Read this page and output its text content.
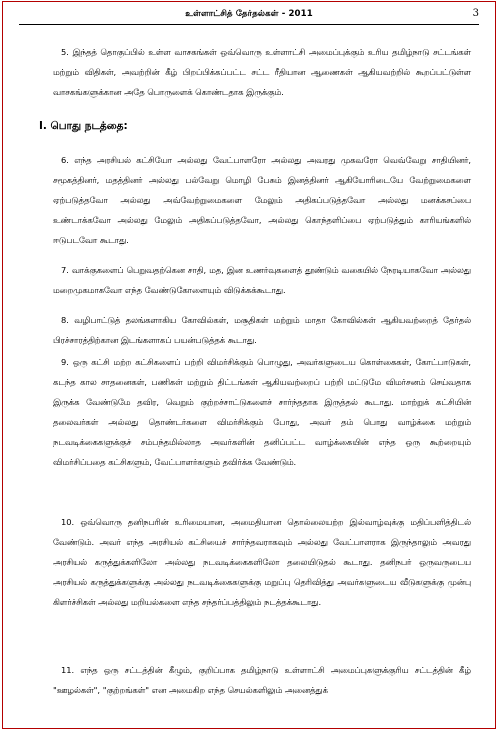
உள்ளாட்சித் தேர்தல்கள் - 2011	3

5. இந்தத் தொகுப்பில் உள்ள வாசகங்கள் ஒவ்வொரு உள்ளாட்சி அமைப்புக்கும் உரிய தமிழ்நாடு சட்டங்கள் மற்றும் விதிகள், அவற்றின் கீழ் பிறப்பிக்கப்பட்ட சட்ட ரீதியான ஆணைகள் ஆகியவற்றில் கூறப்பட்டுள்ள வாசகங்களுக்கான அதே பொருளைக் கொண்டதாக இருக்கும்.

I. பொது நடத்தை:

6. எந்த அரசியல் கட்சியோ அல்லது வேட்பாளரோ அல்லது அவரது முகவரோ வெவ்வேறு சாதியினர், சமூகத்தினர், மதத்தினர் அல்லது பல்வேறு மொழி பேசும் இனத்தினர் ஆகியோரிடையே வேற்றுமைகளை ஏற்படுத்தவோ அல்லது அவ்வேற்றுமைகளை மேலும் அதிகப்படுத்தவோ அல்லது மனக்கசப்பை உண்டாக்கவோ அல்லது மேலும் அதிகப்படுத்தவோ, அல்லது கொந்தளிப்பை ஏற்படுத்தும் காரியங்களில் ஈடுபடவோ கூடாது.

7. வாக்குகளைப் பெறுவதற்கென சாதி, மத, இன உணர்வுகளைத் தூண்டும் வகையில் நேரடியாகவோ அல்லது மறைமுகமாகவோ எந்த வேண்டுகோளையும் விடுக்கக்கூடாது.

8. வழிபாட்டுத் தலங்களாகிய கோவில்கள், மசூதிகள் மற்றும் மாதா கோவில்கள் ஆகியவற்றைத் தேர்தல் பிரச்சாரத்திற்கான இடங்களாகப் பயன்படுத்தக் கூடாது.

9. ஒரு கட்சி மற்ற கட்சிகளைப் பற்றி விமர்சிக்கும் பொழுது, அவர்களுடைய கொள்கைகள், கோட்பாடுகள், கடந்த கால சாதனைகள், பணிகள் மற்றும் திட்டங்கள் ஆகியவற்றைப் பற்றி மட்டுமே விமர்சனம் செய்வதாக இருக்க வேண்டுமே தவிர, வெறும் குற்றச்சாட்டுகளைச் சார்ந்ததாக இருத்தல் கூடாது. மாற்றுக் கட்சியின் தலைவர்கள் அல்லது தொண்டர்களை விமர்சிக்கும் போது, அவர் தம் பொது வாழ்க்கை மற்றும் நடவடிக்கைகளுக்குச் சம்பந்தமில்லாத அவர்களின் தனிப்பட்ட வாழ்க்கையின் எந்த ஒரு கூற்றையும் விமர்சிப்பதை கட்சிகளும், வேட்பாளர்களும் தவிர்க்க வேண்டும்.

10. ஒவ்வொரு தனிநபரின் உரிமையான, அமைதியான தொல்லையற்ற இல்வாழ்வுக்கு மதிப்பளித்திடல் வேண்டும். அவர் எந்த அரசியல் கட்சியைச் சார்ந்தவராகவும் அல்லது வேட்பாளராக இருந்தாலும் அவரது அரசியல் கருத்துக்களிலோ அல்லது நடவடிக்கைகளிலோ தலையிடுதல் கூடாது. தனிநபர் ஒருவருடைய அரசியல் கருத்துக்களுக்கு அல்லது நடவடிக்கைகளுக்கு மறுப்பு தெரிவித்து அவர்களுடைய வீடுகளுக்கு முன்பு கிளர்ச்சிகள் அல்லது மறியல்களை எந்த சந்தர்ப்பத்திலும் நடத்தக்கூடாது.

11. எந்த ஒரு சட்டத்தின் கீழும், குறிப்பாக தமிழ்நாடு உள்ளாட்சி அமைப்புகளுக்குரிய சட்டத்தின் கீழ் "ஊழல்கள்", "குற்றங்கள்" என அமைகிற எந்த செயல்களிலும் அனைத்துக்
